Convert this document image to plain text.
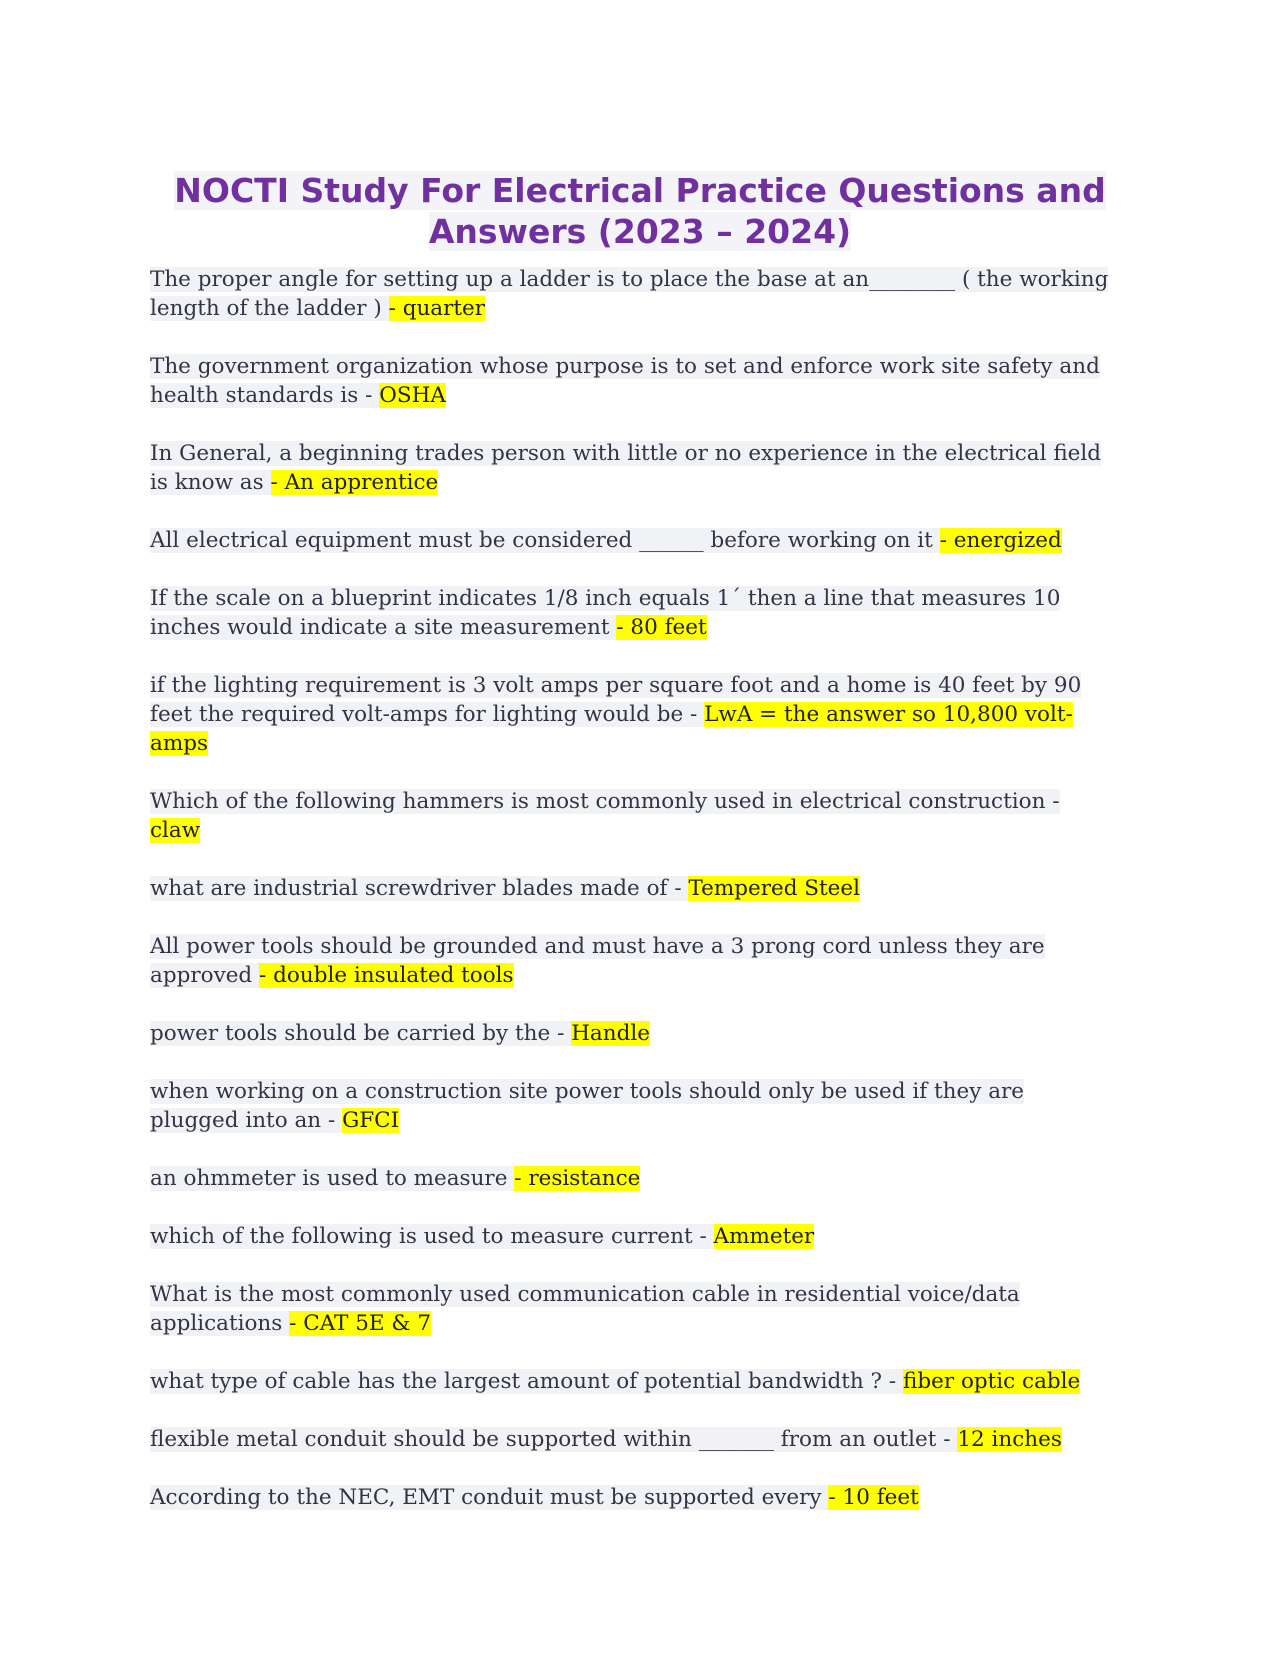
NOCTI Study For Electrical Practice Questions and Answers (2023 – 2024)

The proper angle for setting up a ladder is to place the base at an________ ( the working length of the ladder ) - quarter

The government organization whose purpose is to set and enforce work site safety and health standards is - OSHA

In General, a beginning trades person with little or no experience in the electrical field is know as - An apprentice

All electrical equipment must be considered ______ before working on it - energized

If the scale on a blueprint indicates 1/8 inch equals 1´ then a line that measures 10 inches would indicate a site measurement - 80 feet

if the lighting requirement is 3 volt amps per square foot and a home is 40 feet by 90 feet the required volt-amps for lighting would be - LwA = the answer so 10,800 volt-amps

Which of the following hammers is most commonly used in electrical construction - claw

what are industrial screwdriver blades made of - Tempered Steel

All power tools should be grounded and must have a 3 prong cord unless they are approved - double insulated tools

power tools should be carried by the - Handle

when working on a construction site power tools should only be used if they are plugged into an - GFCI

an ohmmeter is used to measure - resistance

which of the following is used to measure current - Ammeter

What is the most commonly used communication cable in residential voice/data applications - CAT 5E & 7

what type of cable has the largest amount of potential bandwidth ? - fiber optic cable

flexible metal conduit should be supported within _______ from an outlet - 12 inches

According to the NEC, EMT conduit must be supported every - 10 feet
